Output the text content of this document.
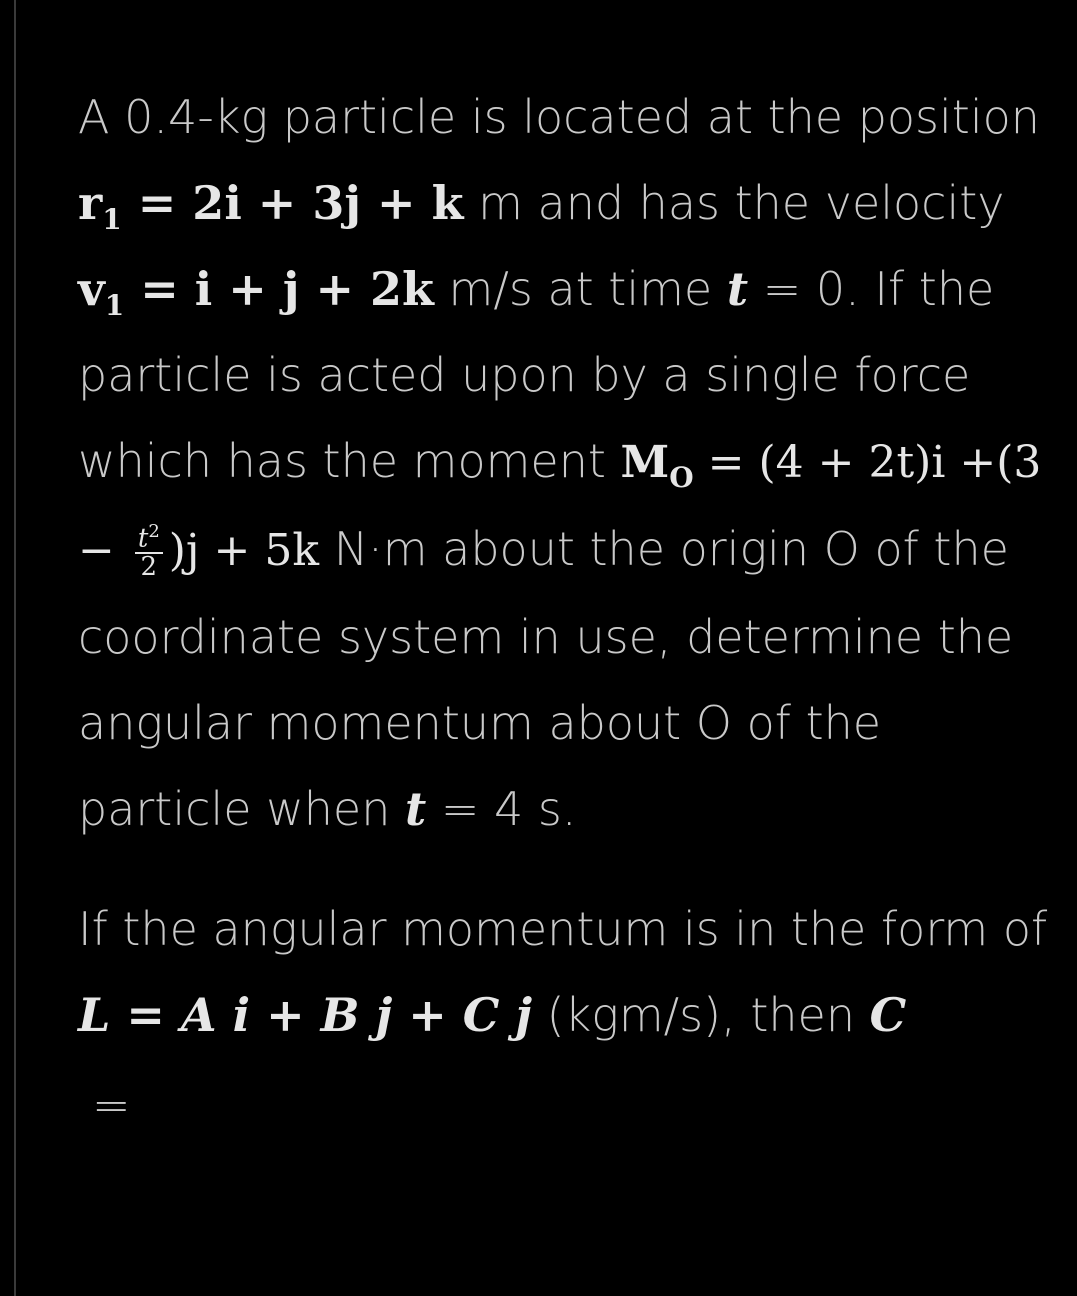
A 0.4-kg particle is located at the position $r_1 = 2i + 3j + k$ m and has the velocity $v_1 = i + j + 2k$ m/s at time t = 0. If the particle is acted upon by a single force which has the moment $M_O = (4 + 2t)i +(3 - \frac{t^2}{2} )j + 5k$ N·m about the origin O of the coordinate system in use, determine the angular momentum about O of the particle when t = 4 s.

If the angular momentum is in the form of L = A i + B j + C j (kgm/s), then C

=
